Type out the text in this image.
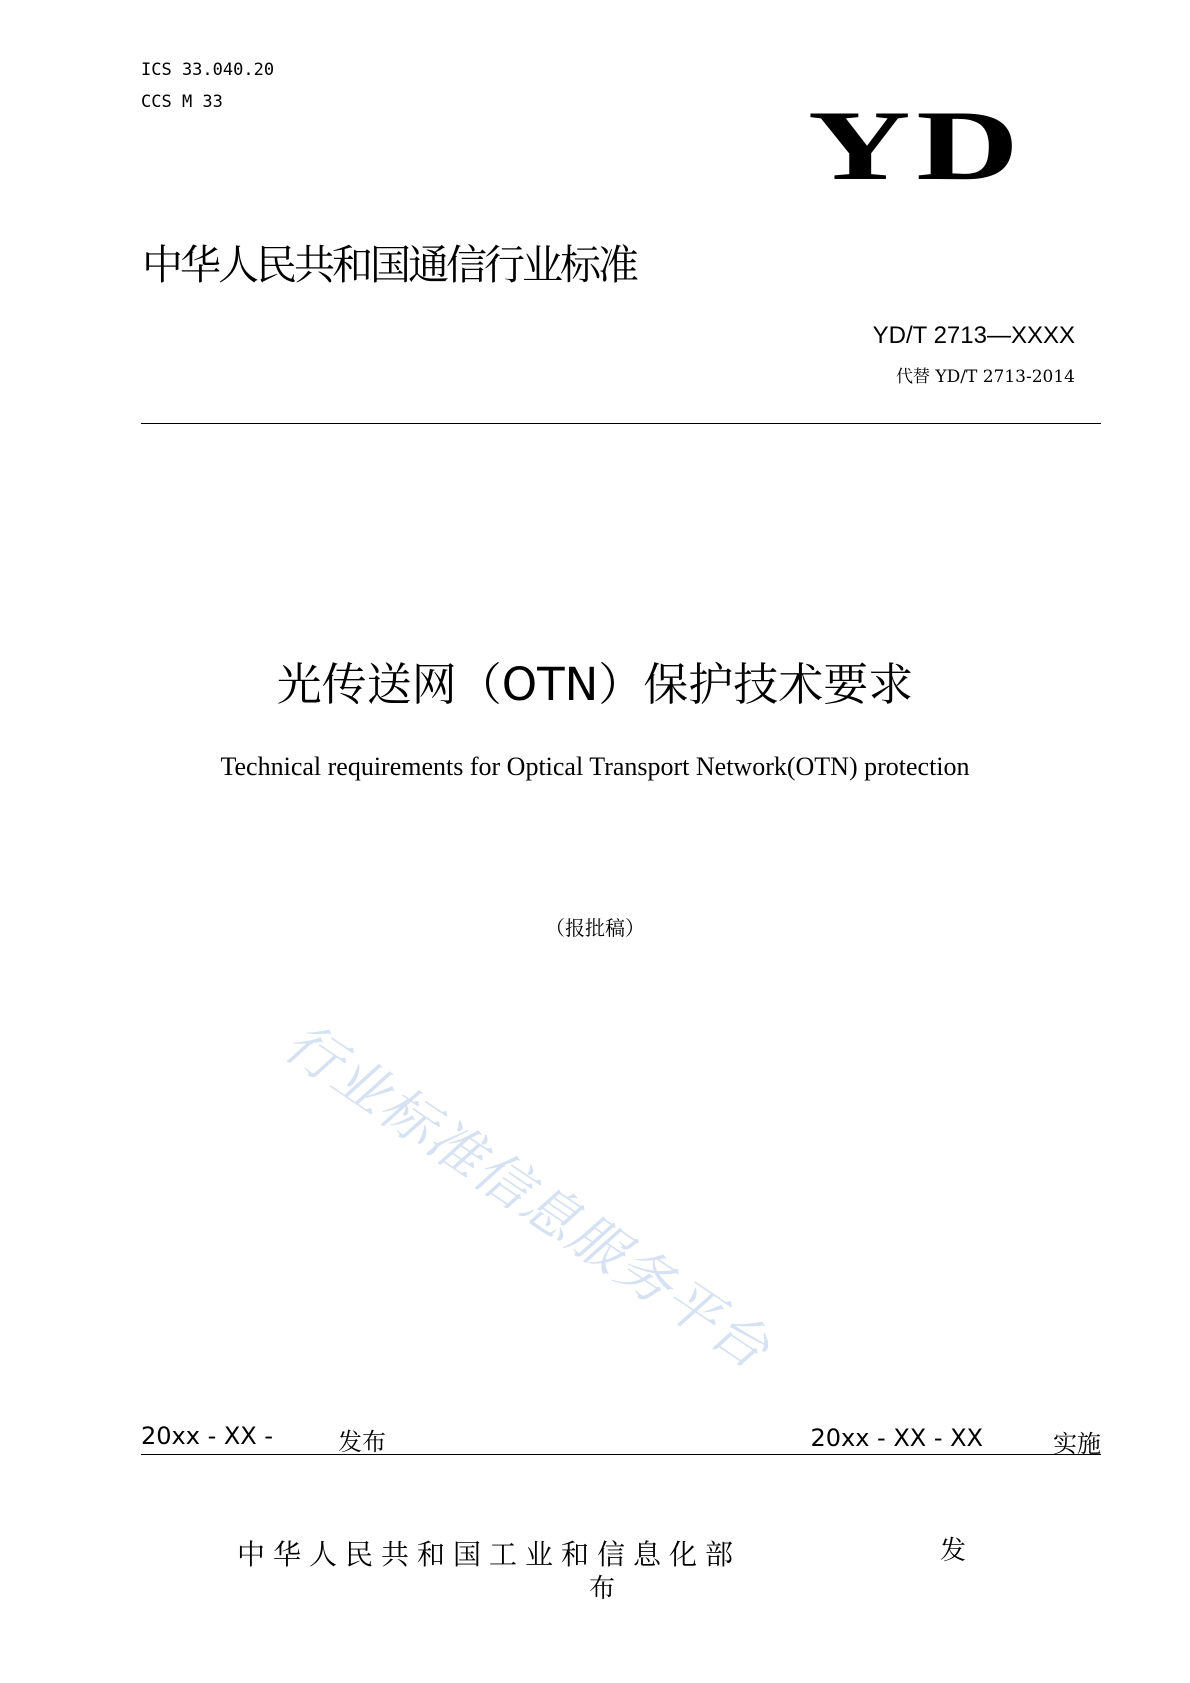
ICS 33.040.20
CCS M 33	YD
中华人民共和国通信行业标准
YD/T 2713—XXXX
代替 YD/T 2713-2014
光传送网（OTN）保护技术要求
Technical requirements for Optical Transport Network(OTN) protection
（报批稿）
行业标准信息服务平台
20xx - XX -	发布	20xx - XX - XX	实施
中华人民共和国工业和信息化部	发
布
